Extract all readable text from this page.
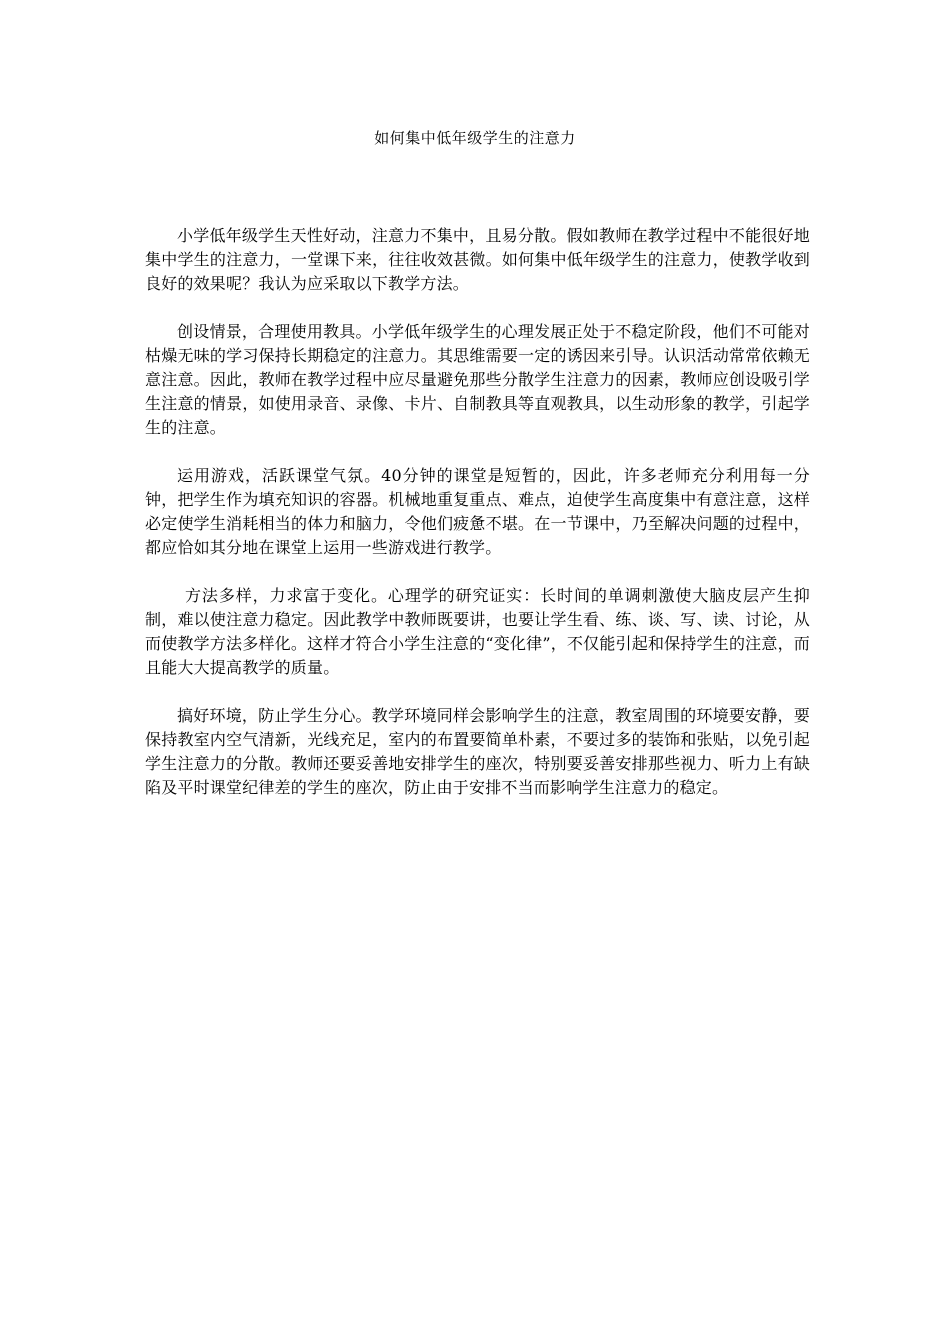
如何集中低年级学生的注意力

小学低年级学生天性好动，注意力不集中，且易分散。假如教师在教学过程中不能很好地集中学生的注意力，一堂课下来，往往收效甚微。如何集中低年级学生的注意力，使教学收到良好的效果呢？我认为应采取以下教学方法。

创设情景，合理使用教具。小学低年级学生的心理发展正处于不稳定阶段，他们不可能对枯燥无味的学习保持长期稳定的注意力。其思维需要一定的诱因来引导。认识活动常常依赖无意注意。因此，教师在教学过程中应尽量避免那些分散学生注意力的因素，教师应创设吸引学生注意的情景，如使用录音、录像、卡片、自制教具等直观教具，以生动形象的教学，引起学生的注意。

运用游戏，活跃课堂气氛。40分钟的课堂是短暂的，因此，许多老师充分利用每一分钟，把学生作为填充知识的容器。机械地重复重点、难点，迫使学生高度集中有意注意，这样必定使学生消耗相当的体力和脑力，令他们疲惫不堪。在一节课中，乃至解决问题的过程中，都应恰如其分地在课堂上运用一些游戏进行教学。

方法多样，力求富于变化。心理学的研究证实：长时间的单调刺激使大脑皮层产生抑制，难以使注意力稳定。因此教学中教师既要讲，也要让学生看、练、谈、写、读、讨论，从而使教学方法多样化。这样才符合小学生注意的“变化律”，不仅能引起和保持学生的注意，而且能大大提高教学的质量。

搞好环境，防止学生分心。教学环境同样会影响学生的注意，教室周围的环境要安静，要保持教室内空气清新，光线充足，室内的布置要简单朴素，不要过多的装饰和张贴，以免引起学生注意力的分散。教师还要妥善地安排学生的座次，特别要妥善安排那些视力、听力上有缺陷及平时课堂纪律差的学生的座次，防止由于安排不当而影响学生注意力的稳定。
